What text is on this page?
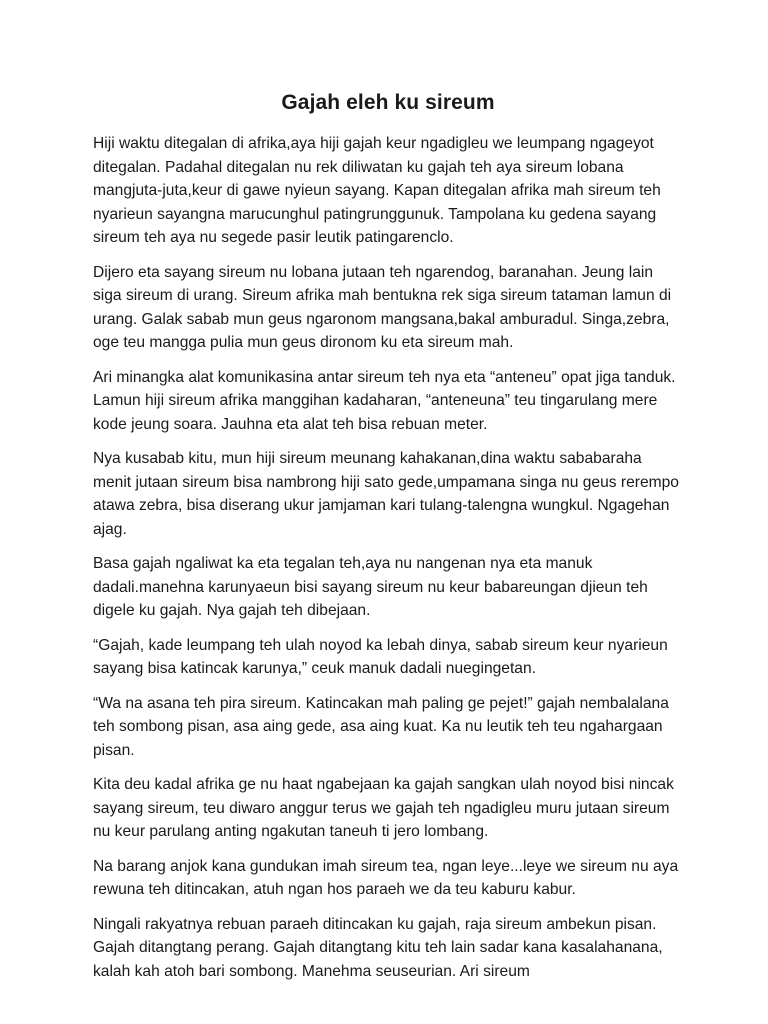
Gajah eleh ku sireum

Hiji waktu ditegalan di afrika,aya hiji gajah keur ngadigleu we leumpang ngageyot ditegalan. Padahal ditegalan nu rek diliwatan ku gajah teh aya sireum lobana mangjuta-juta,keur di gawe nyieun sayang. Kapan ditegalan afrika mah sireum teh nyarieun sayangna marucunghul patingrunggunuk. Tampolana ku gedena sayang sireum teh aya nu segede pasir leutik patingarenclo.

Dijero eta sayang sireum nu lobana jutaan teh ngarendog, baranahan. Jeung lain siga sireum di urang. Sireum afrika mah bentukna rek siga sireum tataman lamun di urang. Galak sabab mun geus ngaronom mangsana,bakal amburadul. Singa,zebra, oge teu mangga pulia mun geus dironom ku eta sireum mah.

Ari minangka alat komunikasina antar sireum teh nya eta “anteneu” opat jiga tanduk. Lamun hiji sireum afrika manggihan kadaharan, “anteneuna” teu tingarulang mere kode jeung soara. Jauhna eta alat teh bisa rebuan meter.

Nya kusabab kitu, mun hiji sireum meunang kahakanan,dina waktu sababaraha menit jutaan sireum bisa nambrong hiji sato gede,umpamana singa nu geus rerempo atawa zebra, bisa diserang ukur jamjaman kari tulang-talengna wungkul. Ngagehan ajag.

Basa gajah ngaliwat ka eta tegalan teh,aya nu nangenan nya eta manuk dadali.manehna karunyaeun bisi sayang sireum nu keur babareungan djieun teh digele ku gajah. Nya gajah teh dibejaan.

“Gajah, kade leumpang teh ulah noyod ka lebah dinya, sabab sireum keur nyarieun sayang bisa katincak karunya,” ceuk manuk dadali nuegingetan.

“Wa na asana teh pira sireum. Katincakan mah paling ge pejet!” gajah nembalalana teh sombong pisan, asa aing gede, asa aing kuat. Ka nu leutik teh teu ngahargaan pisan.

Kita deu kadal afrika ge nu haat ngabejaan ka gajah sangkan ulah noyod bisi nincak sayang sireum, teu diwaro anggur terus we gajah teh ngadigleu muru jutaan sireum nu keur parulang anting ngakutan taneuh ti jero lombang.

Na barang anjok kana gundukan imah sireum tea, ngan leye...leye we sireum nu aya rewuna teh ditincakan, atuh ngan hos paraeh we da teu kaburu kabur.

Ningali rakyatnya rebuan paraeh ditincakan ku gajah, raja sireum ambekun pisan. Gajah ditangtang perang. Gajah ditangtang kitu teh lain sadar kana kasalahanana, kalah kah atoh bari sombong. Manehma seuseurian. Ari sireum
